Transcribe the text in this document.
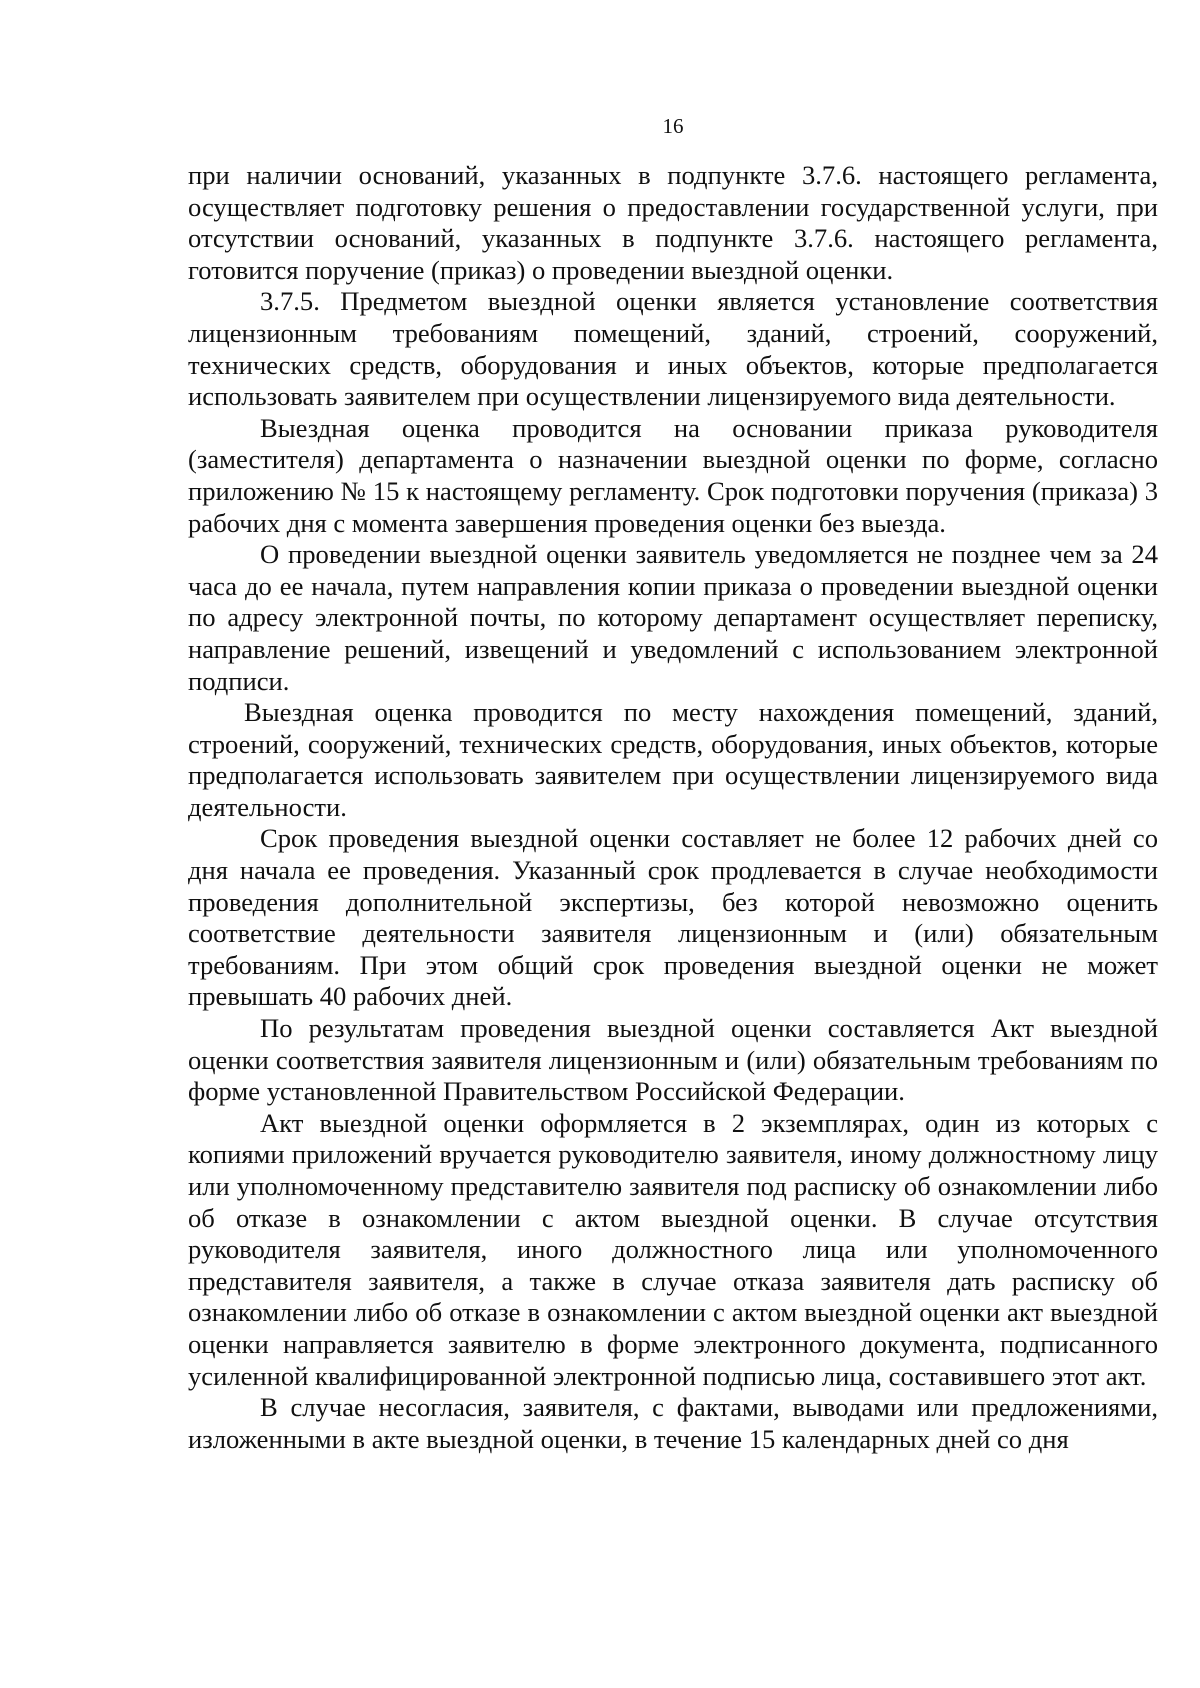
16

при наличии оснований, указанных в подпункте 3.7.6. настоящего регламента, осуществляет подготовку решения о предоставлении государственной услуги, при отсутствии оснований, указанных в подпункте 3.7.6. настоящего регламента, готовится поручение (приказ) о проведении выездной оценки.

3.7.5. Предметом выездной оценки является установление соответствия лицензионным требованиям помещений, зданий, строений, сооружений, технических средств, оборудования и иных объектов, которые предполагается использовать заявителем при осуществлении лицензируемого вида деятельности.

Выездная оценка проводится на основании приказа руководителя (заместителя) департамента о назначении выездной оценки по форме, согласно приложению № 15 к настоящему регламенту. Срок подготовки поручения (приказа) 3 рабочих дня с момента завершения проведения оценки без выезда.

О проведении выездной оценки заявитель уведомляется не позднее чем за 24 часа до ее начала, путем направления копии приказа о проведении выездной оценки по адресу электронной почты, по которому департамент осуществляет переписку, направление решений, извещений и уведомлений с использованием электронной подписи.

Выездная оценка проводится по месту нахождения помещений, зданий, строений, сооружений, технических средств, оборудования, иных объектов, которые предполагается использовать заявителем при осуществлении лицензируемого вида деятельности.

Срок проведения выездной оценки составляет не более 12 рабочих дней со дня начала ее проведения. Указанный срок продлевается в случае необходимости проведения дополнительной экспертизы, без которой невозможно оценить соответствие деятельности заявителя лицензионным и (или) обязательным требованиям. При этом общий срок проведения выездной оценки не может превышать 40 рабочих дней.

По результатам проведения выездной оценки составляется Акт выездной оценки соответствия заявителя лицензионным и (или) обязательным требованиям по форме установленной Правительством Российской Федерации.

Акт выездной оценки оформляется в 2 экземплярах, один из которых с копиями приложений вручается руководителю заявителя, иному должностному лицу или уполномоченному представителю заявителя под расписку об ознакомлении либо об отказе в ознакомлении с актом выездной оценки. В случае отсутствия руководителя заявителя, иного должностного лица или уполномоченного представителя заявителя, а также в случае отказа заявителя дать расписку об ознакомлении либо об отказе в ознакомлении с актом выездной оценки акт выездной оценки направляется заявителю в форме электронного документа, подписанного усиленной квалифицированной электронной подписью лица, составившего этот акт.

В случае несогласия, заявителя, с фактами, выводами или предложениями, изложенными в акте выездной оценки, в течение 15 календарных дней со дня
